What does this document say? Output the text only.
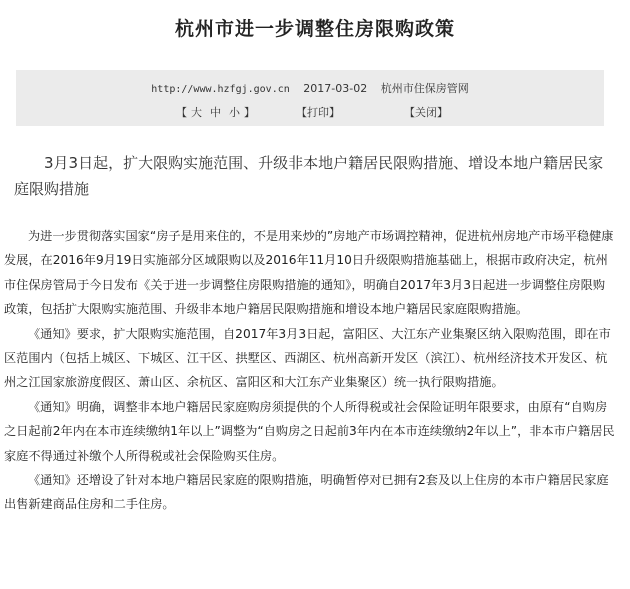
杭州市进一步调整住房限购政策
http://www.hzfgj.gov.cn 2017-03-02 杭州市住保房管网
【 大 中 小 】	【打印】	【关闭】

3月3日起，扩大限购实施范围、升级非本地户籍居民限购措施、增设本地户籍居民家庭限购措施

为进一步贯彻落实国家“房子是用来住的，不是用来炒的”房地产市场调控精神，促进杭州房地产市场平稳健康发展，在2016年9月19日实施部分区域限购以及2016年11月10日升级限购措施基础上，根据市政府决定，杭州市住保房管局于今日发布《关于进一步调整住房限购措施的通知》，明确自2017年3月3日起进一步调整住房限购政策，包括扩大限购实施范围、升级非本地户籍居民限购措施和增设本地户籍居民家庭限购措施。

《通知》要求，扩大限购实施范围，自2017年3月3日起，富阳区、大江东产业集聚区纳入限购范围，即在市区范围内（包括上城区、下城区、江干区、拱墅区、西湖区、杭州高新开发区（滨江）、杭州经济技术开发区、杭州之江国家旅游度假区、萧山区、余杭区、富阳区和大江东产业集聚区）统一执行限购措施。

《通知》明确，调整非本地户籍居民家庭购房须提供的个人所得税或社会保险证明年限要求，由原有“自购房之日起前2年内在本市连续缴纳1年以上”调整为“自购房之日起前3年内在本市连续缴纳2年以上”，非本市户籍居民家庭不得通过补缴个人所得税或社会保险购买住房。

《通知》还增设了针对本地户籍居民家庭的限购措施，明确暂停对已拥有2套及以上住房的本市户籍居民家庭出售新建商品住房和二手住房。
